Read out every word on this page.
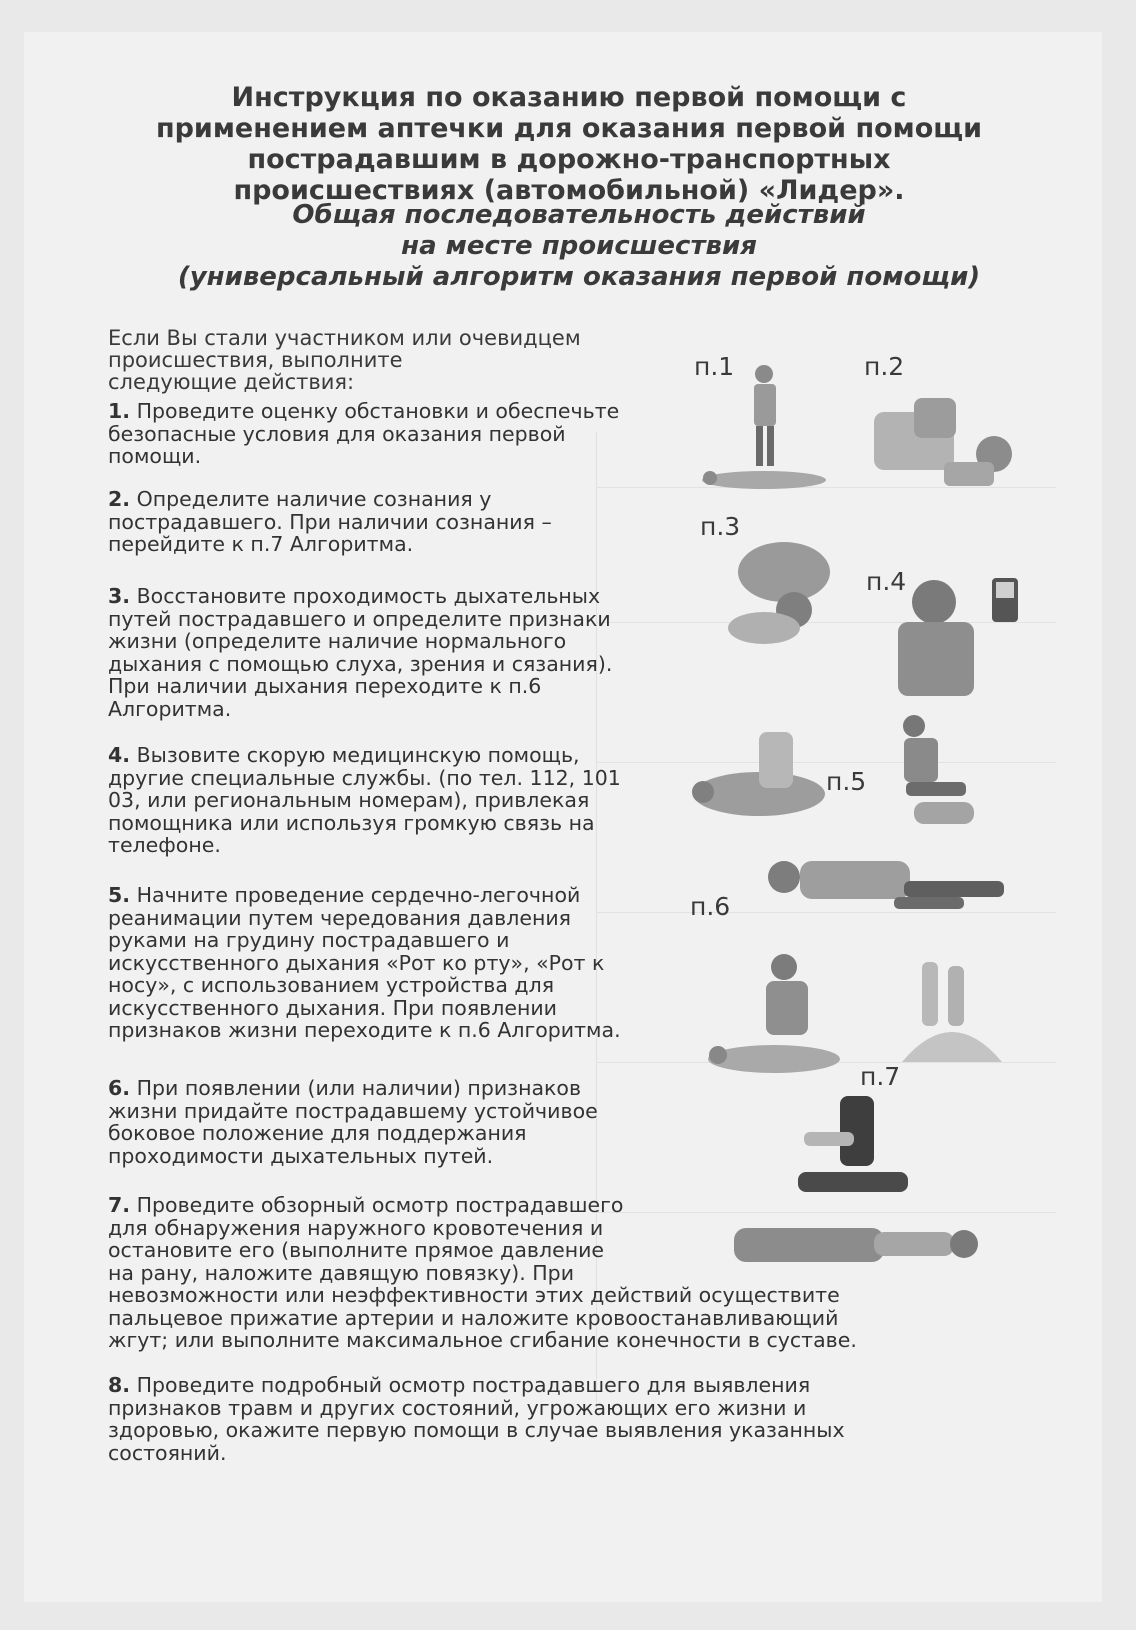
Инструкция по оказанию первой помощи с
применением аптечки для оказания первой помощи
пострадавшим в дорожно-транспортных
происшествиях (автомобильной) «Лидер».
Общая последовательность действий
на месте происшествия
(универсальный алгоритм оказания первой помощи)
Если Вы стали участником или очевидцем
происшествия, выполните
следующие действия:
1. Проведите оценку обстановки и обеспечьте
безопасные условия для оказания первой
помощи.
2. Определите наличие сознания у
пострадавшего. При наличии сознания –
перейдите к п.7 Алгоритма.
3. Восстановите проходимость дыхательных
путей пострадавшего и определите признаки
жизни (определите наличие нормального
дыхания с помощью слуха, зрения и сязания).
При наличии дыхания переходите к п.6
Алгоритма.
4. Вызовите скорую медицинскую помощь,
другие специальные службы. (по тел. 112, 101
03, или региональным номерам), привлекая
помощника или используя громкую связь на
телефоне.
5. Начните проведение сердечно-легочной
реанимации путем чередования давления
руками на грудину пострадавшего и
искусственного дыхания «Рот ко рту», «Рот к
носу», с использованием устройства для
искусственного дыхания. При появлении
признаков жизни переходите к п.6 Алгоритма.
6. При появлении (или наличии) признаков
жизни придайте пострадавшему устойчивое
боковое положение для поддержания
проходимости дыхательных путей.
7. Проведите обзорный осмотр пострадавшего
для обнаружения наружного кровотечения и
остановите его (выполните прямое давление
на рану, наложите давящую повязку). При
невозможности или неэффективности этих действий осуществите
пальцевое прижатие артерии и наложите кровоостанавливающий
жгут; или выполните максимальное сгибание конечности в суставе.
8. Проведите подробный осмотр пострадавшего для выявления
признаков травм и других состояний, угрожающих его жизни и
здоровью, окажите первую помощи в случае выявления указанных
состояний.
п.1	п.2
п.3
п.4
п.5
п.6
п.7
